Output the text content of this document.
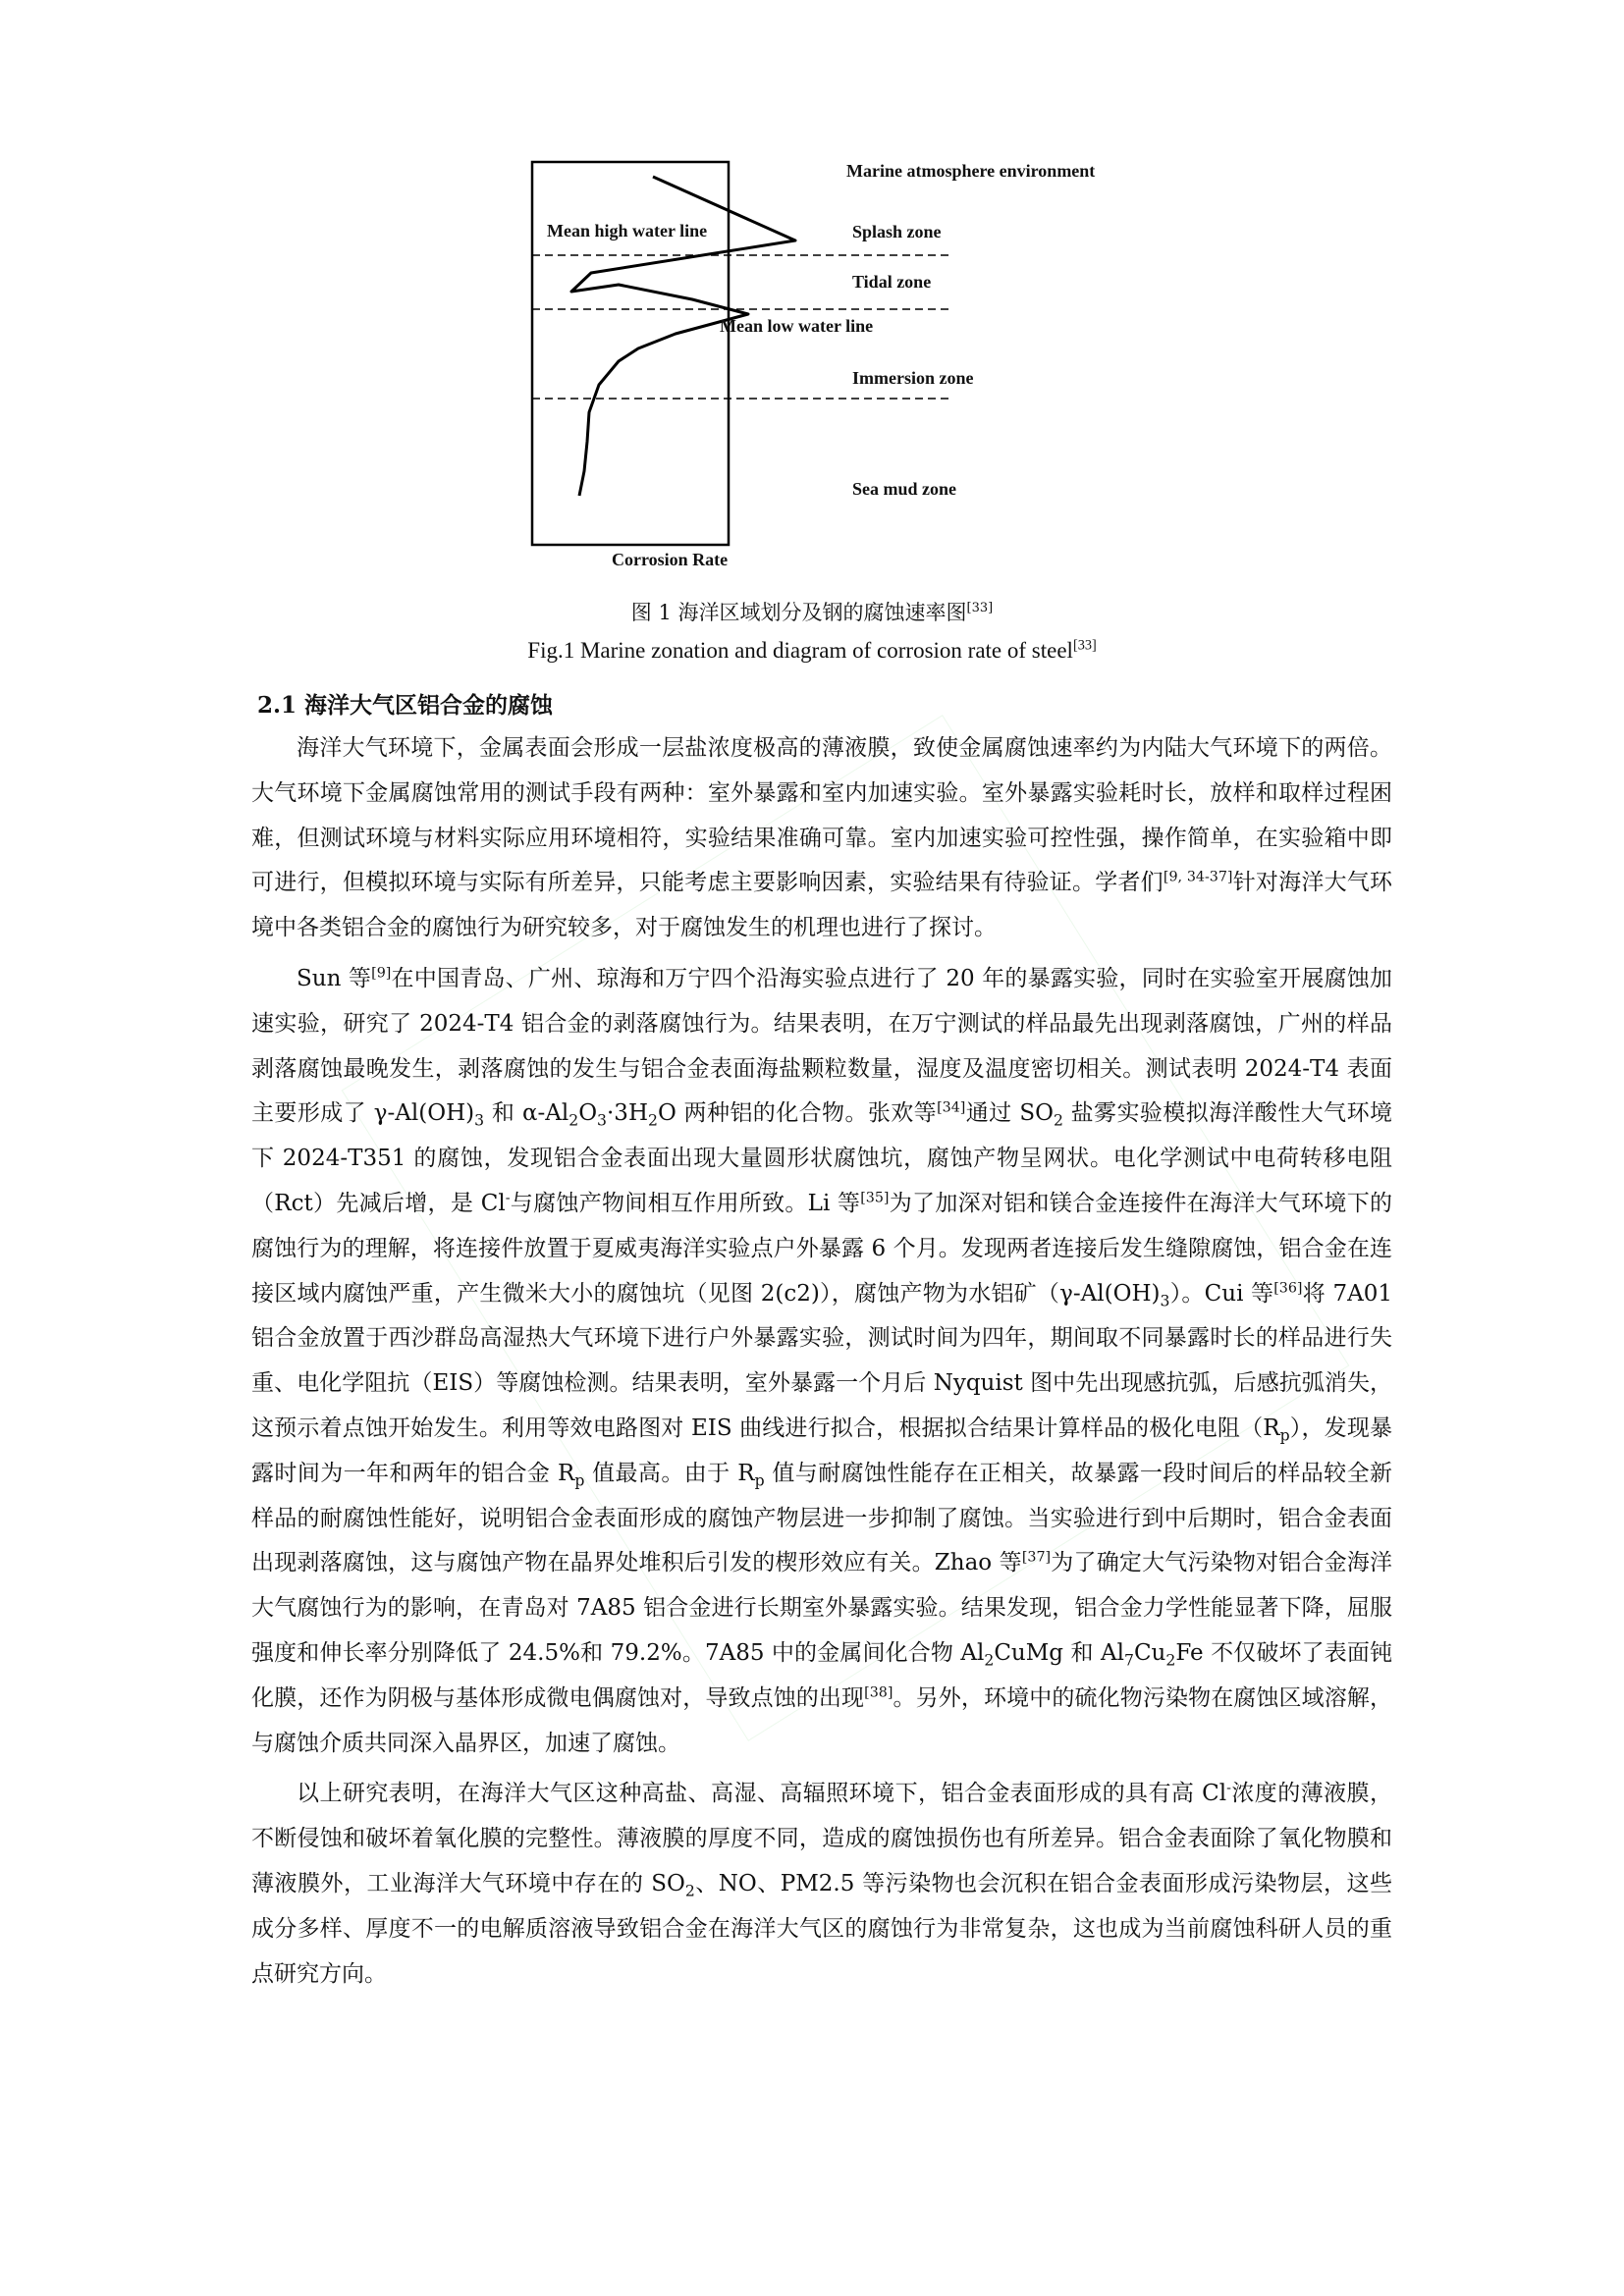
Marine atmosphere environment
Mean high water line	Splash zone
Tidal zone
Mean low water line
Immersion zone
Sea mud zone
Corrosion Rate
图 1 海洋区域划分及钢的腐蚀速率图[33]
Fig.1 Marine zonation and diagram of corrosion rate of steel[33]
2.1 海洋大气区铝合金的腐蚀

海洋大气环境下，金属表面会形成一层盐浓度极高的薄液膜，致使金属腐蚀速率约为内陆大气环境下的两倍。大气环境下金属腐蚀常用的测试手段有两种：室外暴露和室内加速实验。室外暴露实验耗时长，放样和取样过程困难，但测试环境与材料实际应用环境相符，实验结果准确可靠。室内加速实验可控性强，操作简单，在实验箱中即可进行，但模拟环境与实际有所差异，只能考虑主要影响因素，实验结果有待验证。学者们[9, 34-37]针对海洋大气环境中各类铝合金的腐蚀行为研究较多，对于腐蚀发生的机理也进行了探讨。

Sun 等[9]在中国青岛、广州、琼海和万宁四个沿海实验点进行了 20 年的暴露实验，同时在实验室开展腐蚀加速实验，研究了 2024-T4 铝合金的剥落腐蚀行为。结果表明，在万宁测试的样品最先出现剥落腐蚀，广州的样品剥落腐蚀最晚发生，剥落腐蚀的发生与铝合金表面海盐颗粒数量，湿度及温度密切相关。测试表明 2024-T4 表面主要形成了 $\gamma-Al(OH)_3$ 和 $\alpha-Al_2O_3\cdot 3H_2O$ 两种铝的化合物。张欢等[34]通过 $SO_2$ 盐雾实验模拟海洋酸性大气环境下 2024-T351 的腐蚀，发现铝合金表面出现大量圆形状腐蚀坑，腐蚀产物呈网状。电化学测试中电荷转移电阻（Rct）先减后增，是 Cl-与腐蚀产物间相互作用所致。Li 等[35]为了加深对铝和镁合金连接件在海洋大气环境下的腐蚀行为的理解，将连接件放置于夏威夷海洋实验点户外暴露 6 个月。发现两者连接后发生缝隙腐蚀，铝合金在连接区域内腐蚀严重，产生微米大小的腐蚀坑（见图 2(c2)），腐蚀产物为水铝矿$(\gamma-Al(OH)_3)$。Cui 等[36]将 7A01 铝合金放置于西沙群岛高湿热大气环境下进行户外暴露实验，测试时间为四年，期间取不同暴露时长的样品进行失重、电化学阻抗（EIS）等腐蚀检测。结果表明，室外暴露一个月后 Nyquist 图中先出现感抗弧，后感抗弧消失，这预示着点蚀开始发生。利用等效电路图对 EIS 曲线进行拟合，根据拟合结果计算样品的极化电阻$(R_p)$，发现暴露时间为一年和两年的铝合金 $R_p$ 值最高。由于 $R_p$ 值与耐腐蚀性能存在正相关，故暴露一段时间后的样品较全新样品的耐腐蚀性能好，说明铝合金表面形成的腐蚀产物层进一步抑制了腐蚀。当实验进行到中后期时，铝合金表面出现剥落腐蚀，这与腐蚀产物在晶界处堆积后引发的楔形效应有关。Zhao 等[37]为了确定大气污染物对铝合金海洋大气腐蚀行为的影响，在青岛对 7A85 铝合金进行长期室外暴露实验。结果发现，铝合金力学性能显著下降，屈服强度和伸长率分别降低了 24.5%和 79.2%。7A85 中的金属间化合物 $Al_2CuMg$ 和 $Al_7Cu_2Fe$ 不仅破坏了表面钝化膜，还作为阴极与基体形成微电偶腐蚀对，导致点蚀的出现[38]。另外，环境中的硫化物污染物在腐蚀区域溶解，与腐蚀介质共同深入晶界区，加速了腐蚀。

以上研究表明，在海洋大气区这种高盐、高湿、高辐照环境下，铝合金表面形成的具有高 Cl-浓度的薄液膜，不断侵蚀和破坏着氧化膜的完整性。薄液膜的厚度不同，造成的腐蚀损伤也有所差异。铝合金表面除了氧化物膜和薄液膜外，工业海洋大气环境中存在的 $SO_2$、NO、PM2.5 等污染物也会沉积在铝合金表面形成污染物层，这些成分多样、厚度不一的电解质溶液导致铝合金在海洋大气区的腐蚀行为非常复杂，这也成为当前腐蚀科研人员的重点研究方向。
